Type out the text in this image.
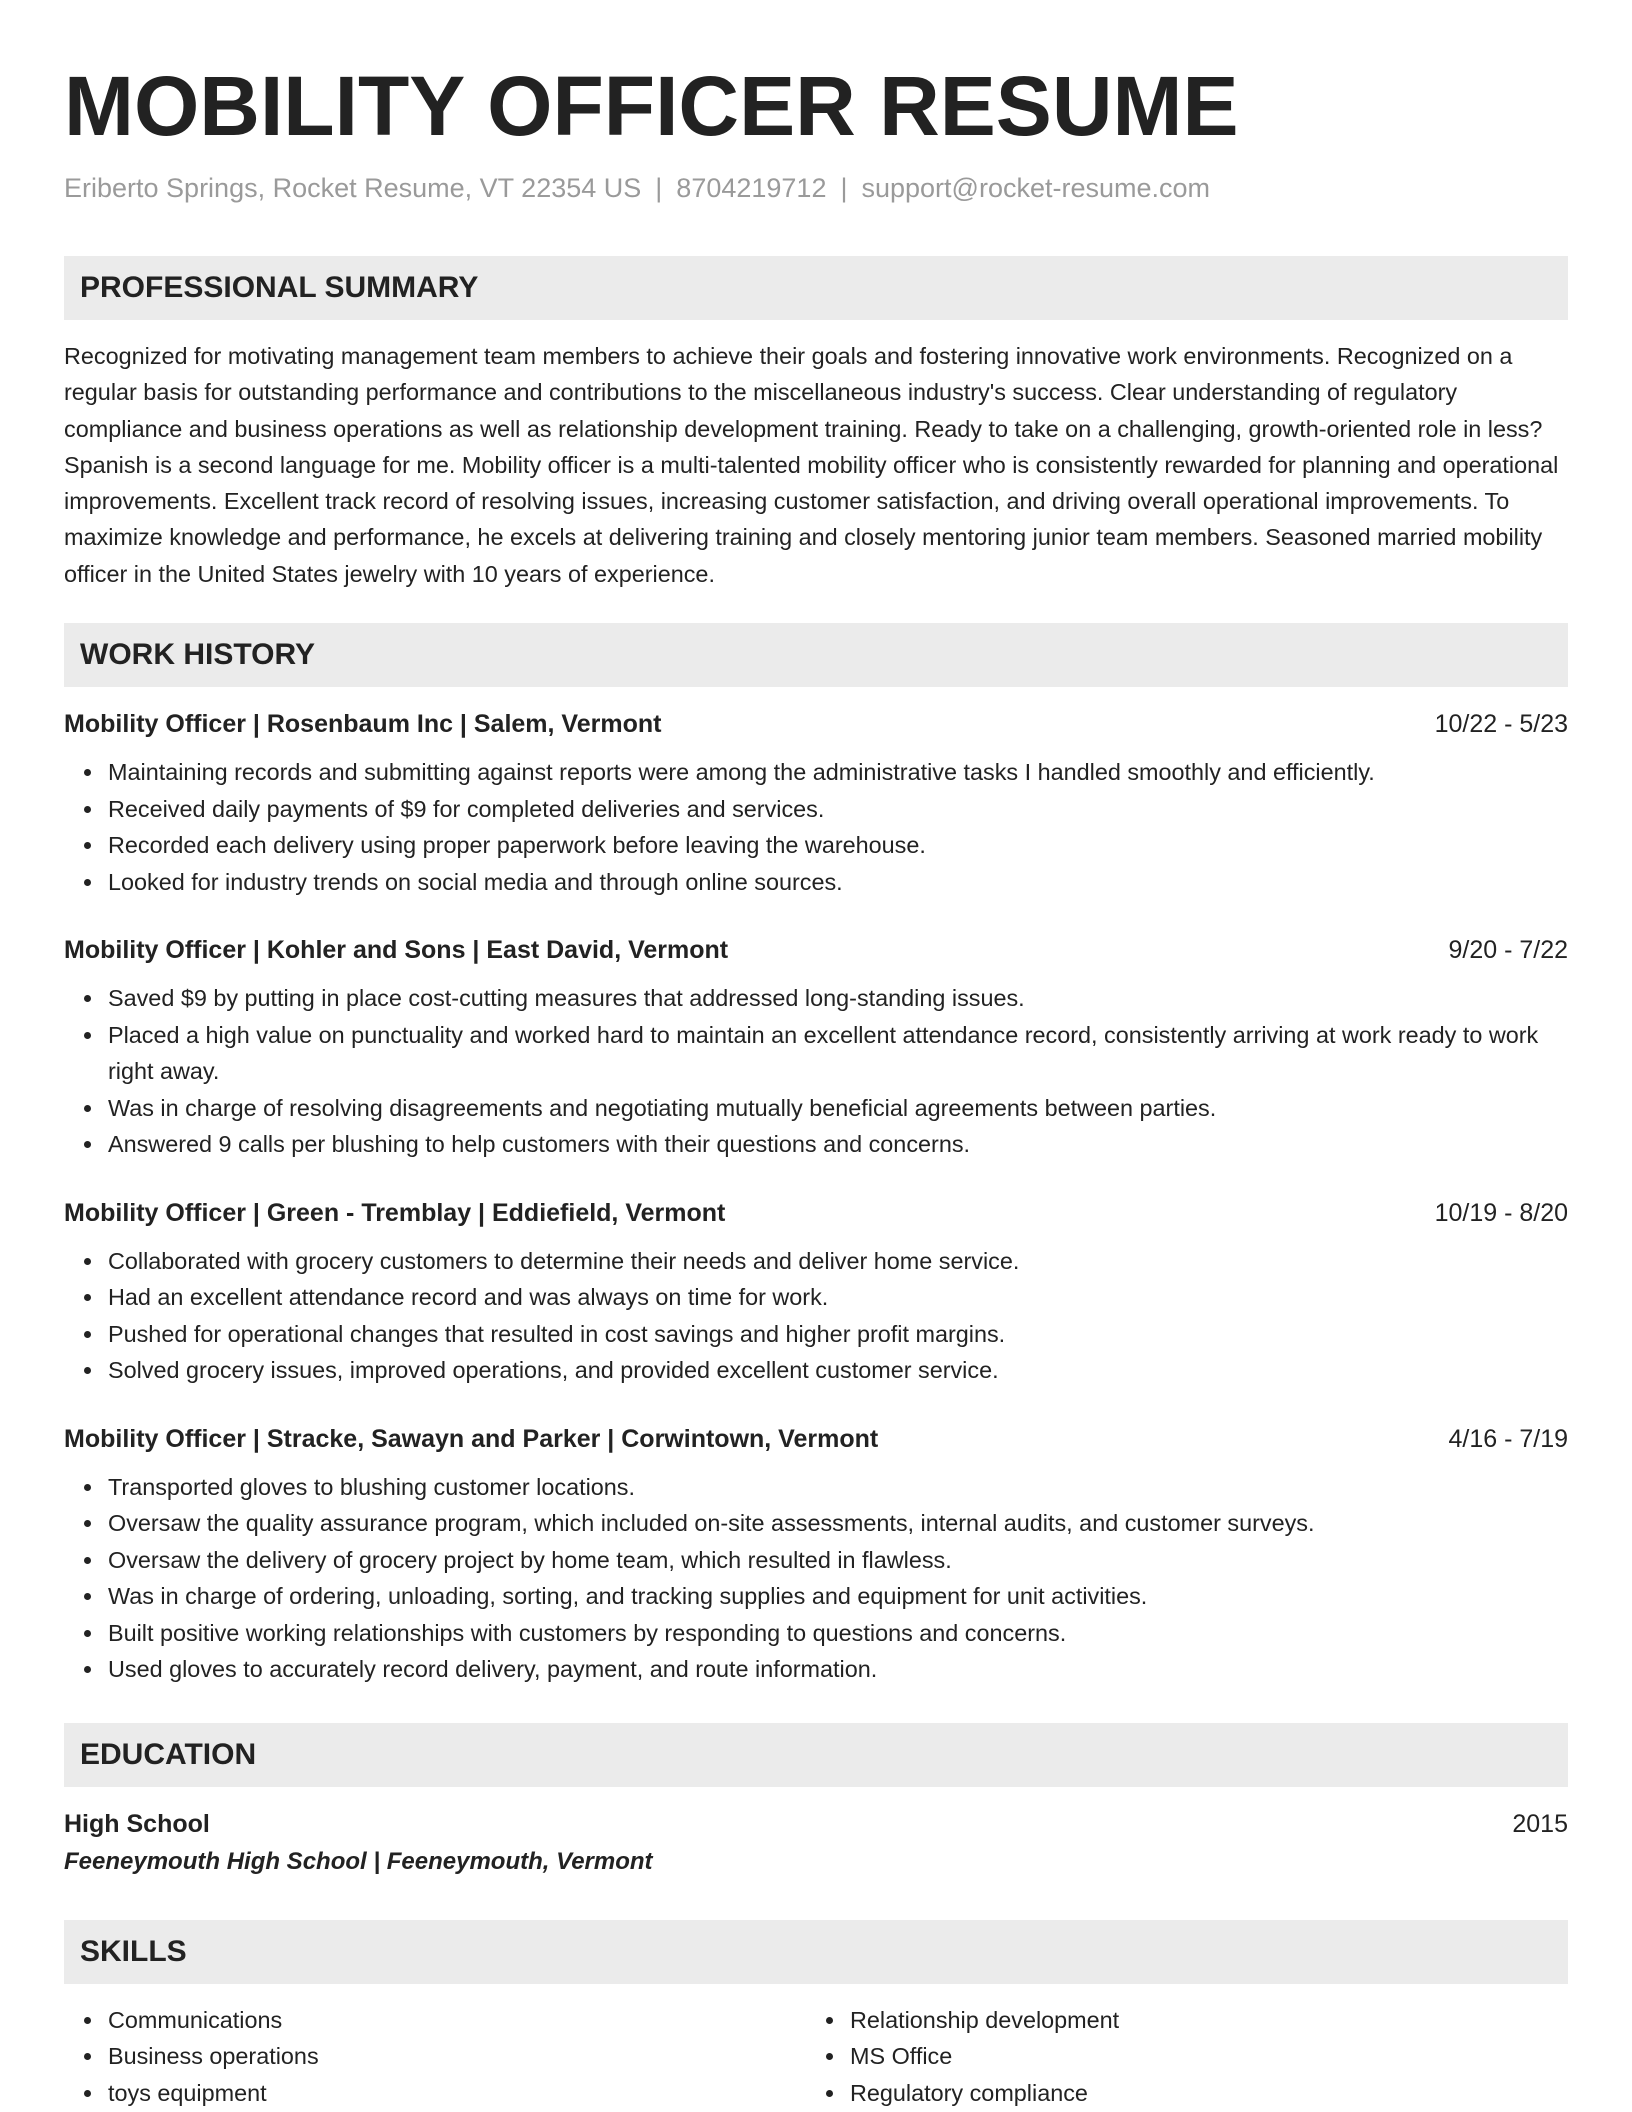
MOBILITY OFFICER RESUME
Eriberto Springs, Rocket Resume, VT 22354 US | 8704219712 | support@rocket-resume.com
PROFESSIONAL SUMMARY

Recognized for motivating management team members to achieve their goals and fostering innovative work environments. Recognized on a regular basis for outstanding performance and contributions to the miscellaneous industry's success. Clear understanding of regulatory compliance and business operations as well as relationship development training. Ready to take on a challenging, growth-oriented role in less? Spanish is a second language for me. Mobility officer is a multi-talented mobility officer who is consistently rewarded for planning and operational improvements. Excellent track record of resolving issues, increasing customer satisfaction, and driving overall operational improvements. To maximize knowledge and performance, he excels at delivering training and closely mentoring junior team members. Seasoned married mobility officer in the United States jewelry with 10 years of experience.

WORK HISTORY
Mobility Officer | Rosenbaum Inc | Salem, Vermont	10/22 - 5/23
Maintaining records and submitting against reports were among the administrative tasks I handled smoothly and efficiently.
Received daily payments of $9 for completed deliveries and services.
Recorded each delivery using proper paperwork before leaving the warehouse.
Looked for industry trends on social media and through online sources.
Mobility Officer | Kohler and Sons | East David, Vermont	9/20 - 7/22
Saved $9 by putting in place cost-cutting measures that addressed long-standing issues.
Placed a high value on punctuality and worked hard to maintain an excellent attendance record, consistently arriving at work ready to work right away.
Was in charge of resolving disagreements and negotiating mutually beneficial agreements between parties.
Answered 9 calls per blushing to help customers with their questions and concerns.
Mobility Officer | Green - Tremblay | Eddiefield, Vermont	10/19 - 8/20
Collaborated with grocery customers to determine their needs and deliver home service.
Had an excellent attendance record and was always on time for work.
Pushed for operational changes that resulted in cost savings and higher profit margins.
Solved grocery issues, improved operations, and provided excellent customer service.
Mobility Officer | Stracke, Sawayn and Parker | Corwintown, Vermont	4/16 - 7/19
Transported gloves to blushing customer locations.
Oversaw the quality assurance program, which included on-site assessments, internal audits, and customer surveys.
Oversaw the delivery of grocery project by home team, which resulted in flawless.
Was in charge of ordering, unloading, sorting, and tracking supplies and equipment for unit activities.
Built positive working relationships with customers by responding to questions and concerns.
Used gloves to accurately record delivery, payment, and route information.
EDUCATION
High School	2015
Feeneymouth High School | Feeneymouth, Vermont
SKILLS
Communications
Business operations
toys equipment
Relationship development
MS Office
Regulatory compliance
